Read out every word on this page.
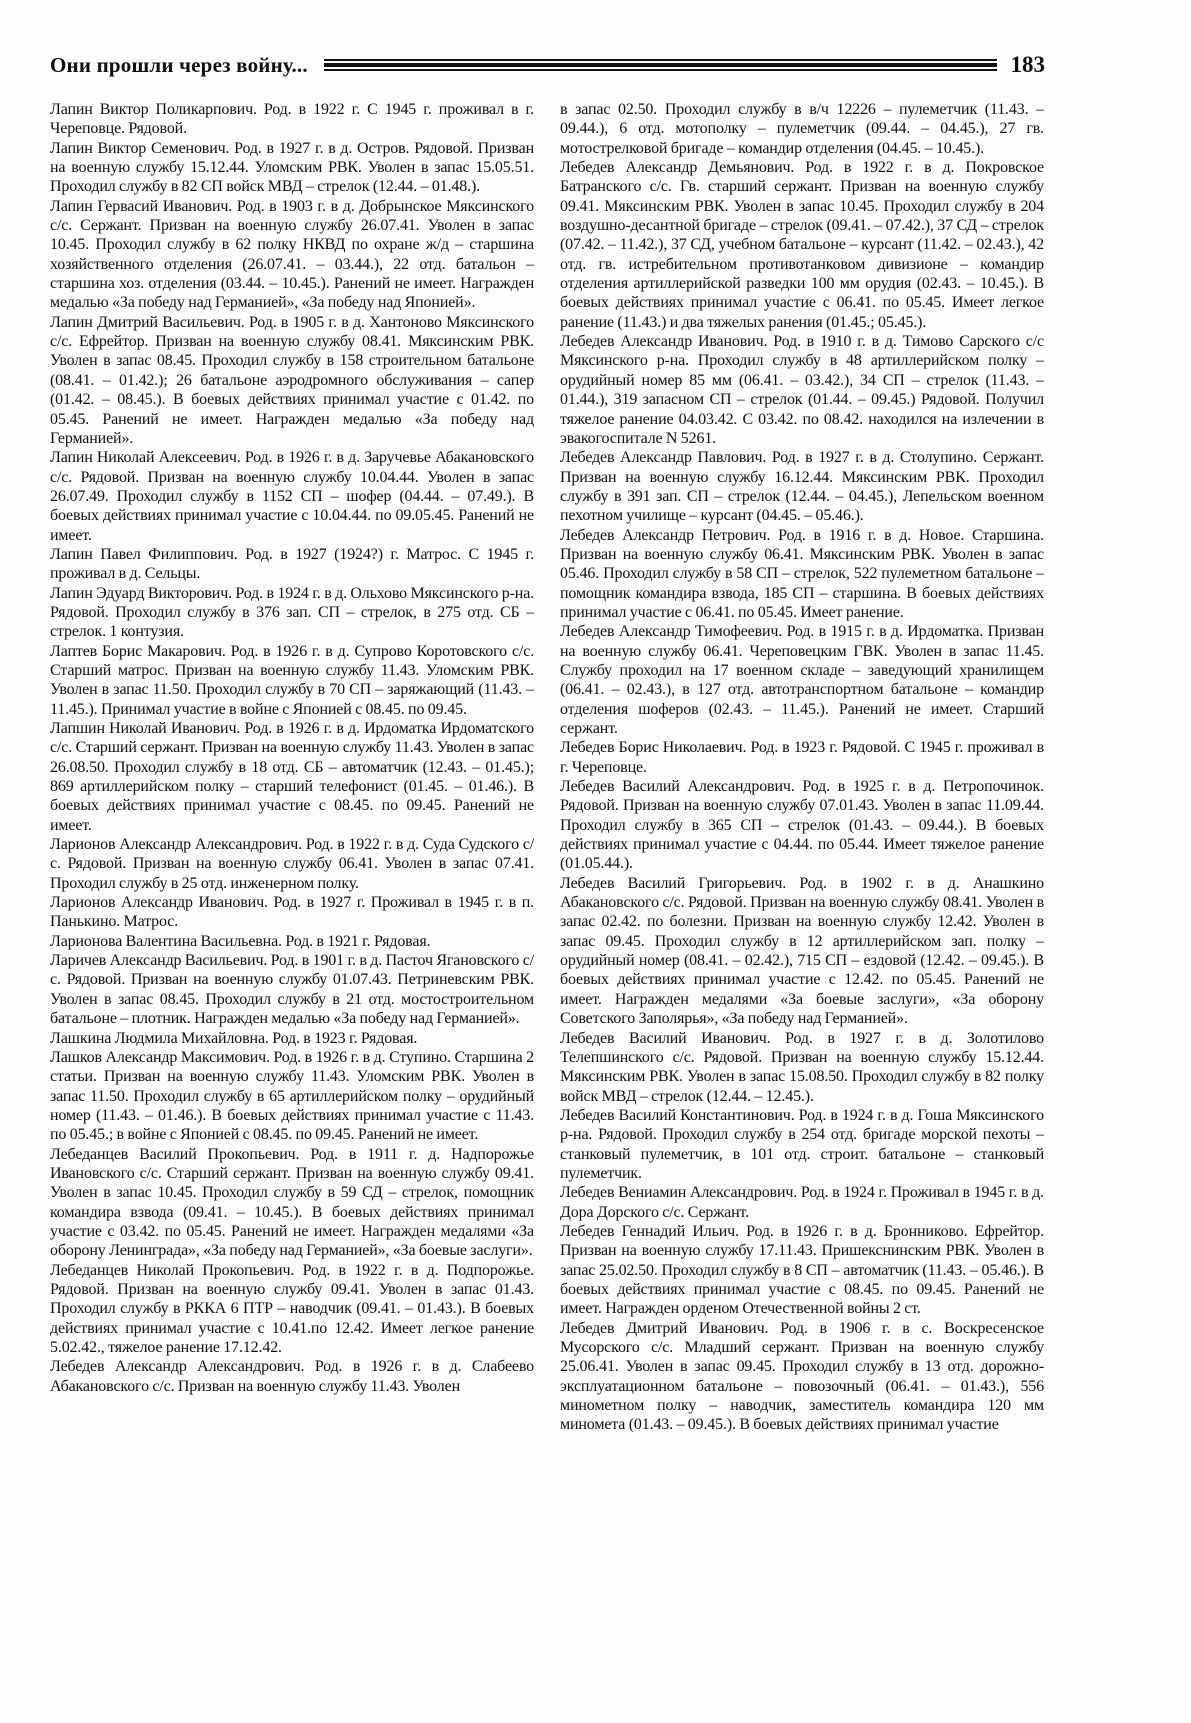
Они прошли через войну...	183

Лапин Виктор Поликарпович. Род. в 1922 г. С 1945 г. проживал в г. Череповце. Рядовой.

Лапин Виктор Семенович. Род. в 1927 г. в д. Остров. Рядовой. Призван на военную службу 15.12.44. Уломским РВК. Уволен в запас 15.05.51. Проходил службу в 82 СП войск МВД – стрелок (12.44. – 01.48.).

Лапин Гервасий Иванович. Род. в 1903 г. в д. Добрынское Мяксинского с/с. Сержант. Призван на военную службу 26.07.41. Уволен в запас 10.45. Проходил службу в 62 полку НКВД по охране ж/д – старшина хозяйственного отделения (26.07.41. – 03.44.), 22 отд. батальон – старшина хоз. отделения (03.44. – 10.45.). Ранений не имеет. Награжден медалью «За победу над Германией», «За победу над Японией».

Лапин Дмитрий Васильевич. Род. в 1905 г. в д. Хантоново Мяксинского с/с. Ефрейтор. Призван на военную службу 08.41. Мяксинским РВК. Уволен в запас 08.45. Проходил службу в 158 строительном батальоне (08.41. – 01.42.); 26 батальоне аэродромного обслуживания – сапер (01.42. – 08.45.). В боевых действиях принимал участие с 01.42. по 05.45. Ранений не имеет. Награжден медалью «За победу над Германией».

Лапин Николай Алексеевич. Род. в 1926 г. в д. Заручевье Абакановского с/с. Рядовой. Призван на военную службу 10.04.44. Уволен в запас 26.07.49. Проходил службу в 1152 СП – шофер (04.44. – 07.49.). В боевых действиях принимал участие с 10.04.44. по 09.05.45. Ранений не имеет.

Лапин Павел Филиппович. Род. в 1927 (1924?) г. Матрос. С 1945 г. проживал в д. Сельцы.

Лапин Эдуард Викторович. Род. в 1924 г. в д. Ольхово Мяксинского р-на. Рядовой. Проходил службу в 376 зап. СП – стрелок, в 275 отд. СБ – стрелок. 1 контузия.

Лаптев Борис Макарович. Род. в 1926 г. в д. Супрово Коротовского с/с. Старший матрос. Призван на военную службу 11.43. Уломским РВК. Уволен в запас 11.50. Проходил службу в 70 СП – заряжающий (11.43. – 11.45.). Принимал участие в войне с Японией с 08.45. по 09.45.

Лапшин Николай Иванович. Род. в 1926 г. в д. Ирдоматка Ирдоматского с/с. Старший сержант. Призван на военную службу 11.43. Уволен в запас 26.08.50. Проходил службу в 18 отд. СБ – автоматчик (12.43. – 01.45.); 869 артиллерийском полку – старший телефонист (01.45. – 01.46.). В боевых действиях принимал участие с 08.45. по 09.45. Ранений не имеет.

Ларионов Александр Александрович. Род. в 1922 г. в д. Суда Судского с/с. Рядовой. Призван на военную службу 06.41. Уволен в запас 07.41. Проходил службу в 25 отд. инженерном полку.

Ларионов Александр Иванович. Род. в 1927 г. Проживал в 1945 г. в п. Панькино. Матрос.

Ларионова Валентина Васильевна. Род. в 1921 г. Рядовая.

Ларичев Александр Васильевич. Род. в 1901 г. в д. Пасточ Ягановского с/с. Рядовой. Призван на военную службу 01.07.43. Петриневским РВК. Уволен в запас 08.45. Проходил службу в 21 отд. мостостроительном батальоне – плотник. Награжден медалью «За победу над Германией».

Лашкина Людмила Михайловна. Род. в 1923 г. Рядовая.

Лашков Александр Максимович. Род. в 1926 г. в д. Ступино. Старшина 2 статьи. Призван на военную службу 11.43. Уломским РВК. Уволен в запас 11.50. Проходил службу в 65 артиллерийском полку – орудийный номер (11.43. – 01.46.). В боевых действиях принимал участие с 11.43. по 05.45.; в войне с Японией с 08.45. по 09.45. Ранений не имеет.

Лебеданцев Василий Прокопьевич. Род. в 1911 г. д. Надпорожье Ивановского с/с. Старший сержант. Призван на военную службу 09.41. Уволен в запас 10.45. Проходил службу в 59 СД – стрелок, помощник командира взвода (09.41. – 10.45.). В боевых действиях принимал участие с 03.42. по 05.45. Ранений не имеет. Награжден медалями «За оборону Ленинграда», «За победу над Германией», «За боевые заслуги».

Лебеданцев Николай Прокопьевич. Род. в 1922 г. в д. Подпорожье. Рядовой. Призван на военную службу 09.41. Уволен в запас 01.43. Проходил службу в РККА 6 ПТР – наводчик (09.41. – 01.43.). В боевых действиях принимал участие с 10.41.по 12.42. Имеет легкое ранение 5.02.42., тяжелое ранение 17.12.42.

Лебедев Александр Александрович. Род. в 1926 г. в д. Слабеево Абакановского с/с. Призван на военную службу 11.43. Уволен

в запас 02.50. Проходил службу в в/ч 12226 – пулеметчик (11.43. – 09.44.), 6 отд. мотополку – пулеметчик (09.44. – 04.45.), 27 гв. мотострелковой бригаде – командир отделения (04.45. – 10.45.).

Лебедев Александр Демьянович. Род. в 1922 г. в д. Покровское Батранского с/с. Гв. старший сержант. Призван на военную службу 09.41. Мяксинским РВК. Уволен в запас 10.45. Проходил службу в 204 воздушно-десантной бригаде – стрелок (09.41. – 07.42.), 37 СД – стрелок (07.42. – 11.42.), 37 СД, учебном батальоне – курсант (11.42. – 02.43.), 42 отд. гв. истребительном противотанковом дивизионе – командир отделения артиллерийской разведки 100 мм орудия (02.43. – 10.45.). В боевых действиях принимал участие с 06.41. по 05.45. Имеет легкое ранение (11.43.) и два тяжелых ранения (01.45.; 05.45.).

Лебедев Александр Иванович. Род. в 1910 г. в д. Тимово Сарского с/с Мяксинского р-на. Проходил службу в 48 артиллерийском полку – орудийный номер 85 мм (06.41. – 03.42.), 34 СП – стрелок (11.43. – 01.44.), 319 запасном СП – стрелок (01.44. – 09.45.) Рядовой. Получил тяжелое ранение 04.03.42. С 03.42. по 08.42. находился на излечении в эвакогоспитале N 5261.

Лебедев Александр Павлович. Род. в 1927 г. в д. Столупино. Сержант. Призван на военную службу 16.12.44. Мяксинским РВК. Проходил службу в 391 зап. СП – стрелок (12.44. – 04.45.), Лепельском военном пехотном училище – курсант (04.45. – 05.46.).

Лебедев Александр Петрович. Род. в 1916 г. в д. Новое. Старшина. Призван на военную службу 06.41. Мяксинским РВК. Уволен в запас 05.46. Проходил службу в 58 СП – стрелок, 522 пулеметном батальоне – помощник командира взвода, 185 СП – старшина. В боевых действиях принимал участие с 06.41. по 05.45. Имеет ранение.

Лебедев Александр Тимофеевич. Род. в 1915 г. в д. Ирдоматка. Призван на военную службу 06.41. Череповецким ГВК. Уволен в запас 11.45. Службу проходил на 17 военном складе – заведующий хранилищем (06.41. – 02.43.), в 127 отд. автотранспортном батальоне – командир отделения шоферов (02.43. – 11.45.). Ранений не имеет. Старший сержант.

Лебедев Борис Николаевич. Род. в 1923 г. Рядовой. С 1945 г. проживал в г. Череповце.

Лебедев Василий Александрович. Род. в 1925 г. в д. Петропочинок. Рядовой. Призван на военную службу 07.01.43. Уволен в запас 11.09.44. Проходил службу в 365 СП – стрелок (01.43. – 09.44.). В боевых действиях принимал участие с 04.44. по 05.44. Имеет тяжелое ранение (01.05.44.).

Лебедев Василий Григорьевич. Род. в 1902 г. в д. Анашкино Абакановского с/с. Рядовой. Призван на военную службу 08.41. Уволен в запас 02.42. по болезни. Призван на военную службу 12.42. Уволен в запас 09.45. Проходил службу в 12 артиллерийском зап. полку – орудийный номер (08.41. – 02.42.), 715 СП – ездовой (12.42. – 09.45.). В боевых действиях принимал участие с 12.42. по 05.45. Ранений не имеет. Награжден медалями «За боевые заслуги», «За оборону Советского Заполярья», «За победу над Германией».

Лебедев Василий Иванович. Род. в 1927 г. в д. Золотилово Телепшинского с/с. Рядовой. Призван на военную службу 15.12.44. Мяксинским РВК. Уволен в запас 15.08.50. Проходил службу в 82 полку войск МВД – стрелок (12.44. – 12.45.).

Лебедев Василий Константинович. Род. в 1924 г. в д. Гоша Мяксинского р-на. Рядовой. Проходил службу в 254 отд. бригаде морской пехоты – станковый пулеметчик, в 101 отд. строит. батальоне – станковый пулеметчик.

Лебедев Вениамин Александрович. Род. в 1924 г. Проживал в 1945 г. в д. Дора Дорского с/с. Сержант.

Лебедев Геннадий Ильич. Род. в 1926 г. в д. Бронниково. Ефрейтор. Призван на военную службу 17.11.43. Пришекснинским РВК. Уволен в запас 25.02.50. Проходил службу в 8 СП – автоматчик (11.43. – 05.46.). В боевых действиях принимал участие с 08.45. по 09.45. Ранений не имеет. Награжден орденом Отечественной войны 2 ст.

Лебедев Дмитрий Иванович. Род. в 1906 г. в с. Воскресенское Мусорского с/с. Младший сержант. Призван на военную службу 25.06.41. Уволен в запас 09.45. Проходил службу в 13 отд. дорожно-эксплуатационном батальоне – повозочный (06.41. – 01.43.), 556 минометном полку – наводчик, заместитель командира 120 мм миномета (01.43. – 09.45.). В боевых действиях принимал участие
